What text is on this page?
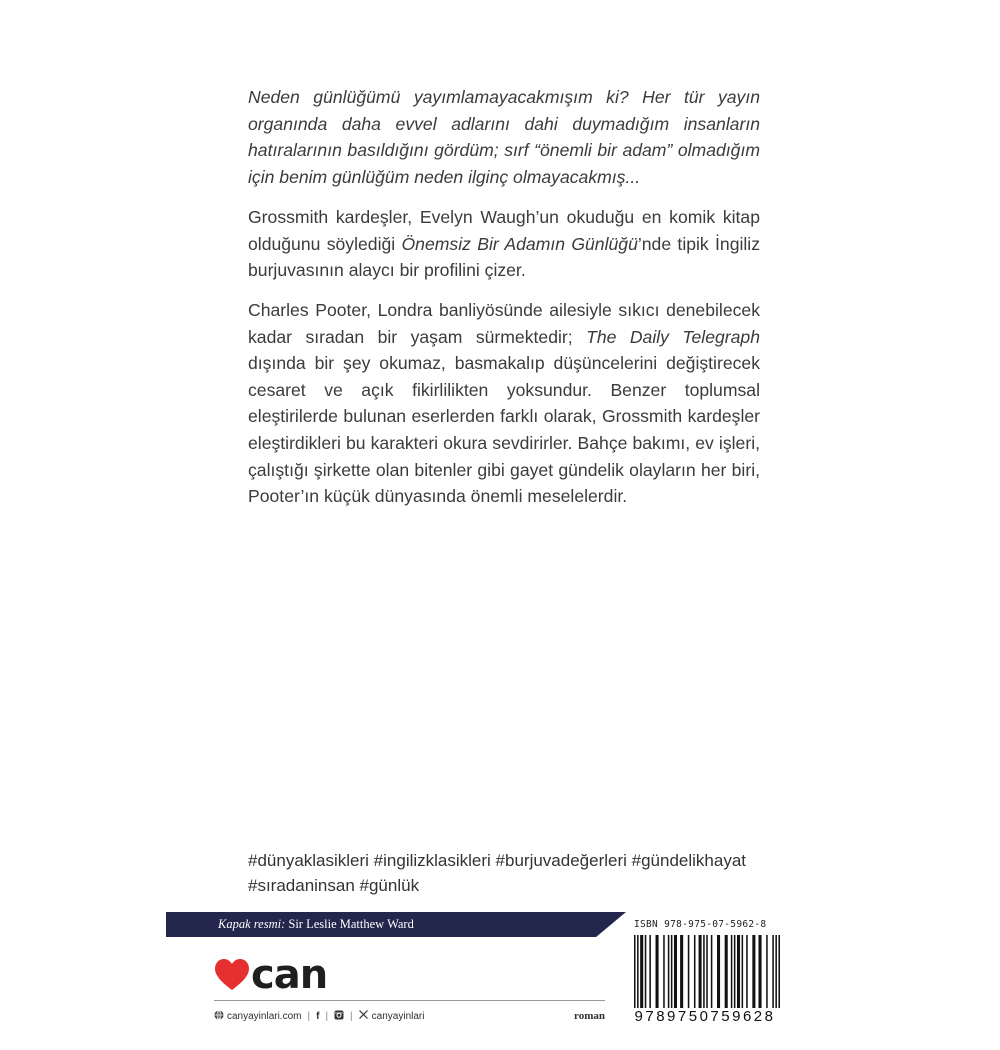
Neden günlüğümü yayımlamayacakmışım ki? Her tür yayın organında daha evvel adlarını dahi duymadığım insanların hatıralarının basıldığını gördüm; sırf “önemli bir adam” olmadığım için benim günlüğüm neden ilginç olmayacakmış...

Grossmith kardeşler, Evelyn Waugh’un okuduğu en komik kitap olduğunu söylediği Önemsiz Bir Adamın Günlüğü’nde tipik İngiliz burjuvasının alaycı bir profilini çizer.

Charles Pooter, Londra banliyösünde ailesiyle sıkıcı denebilecek kadar sıradan bir yaşam sürmektedir; The Daily Telegraph dışında bir şey okumaz, basmakalıp düşüncelerini değiştirecek cesaret ve açık fikirlilikten yoksundur. Benzer toplumsal eleştirilerde bulunan eserlerden farklı olarak, Grossmith kardeşler eleştirdikleri bu karakteri okura sevdirirler. Bahçe bakımı, ev işleri, çalıştığı şirkette olan bitenler gibi gayet gündelik olayların her biri, Pooter’ın küçük dünyasında önemli meselelerdir.

#dünyaklasikleri #ingilizklasikleri #burjuvadeğerleri #gündelikhayat
#sıradaninsan #günlük
Kapak resmi: Sir Leslie Matthew Ward
can
canyayinlari.com | f | | canyayinlari	roman
ISBN 978-975-07-5962-8
9789750759628
